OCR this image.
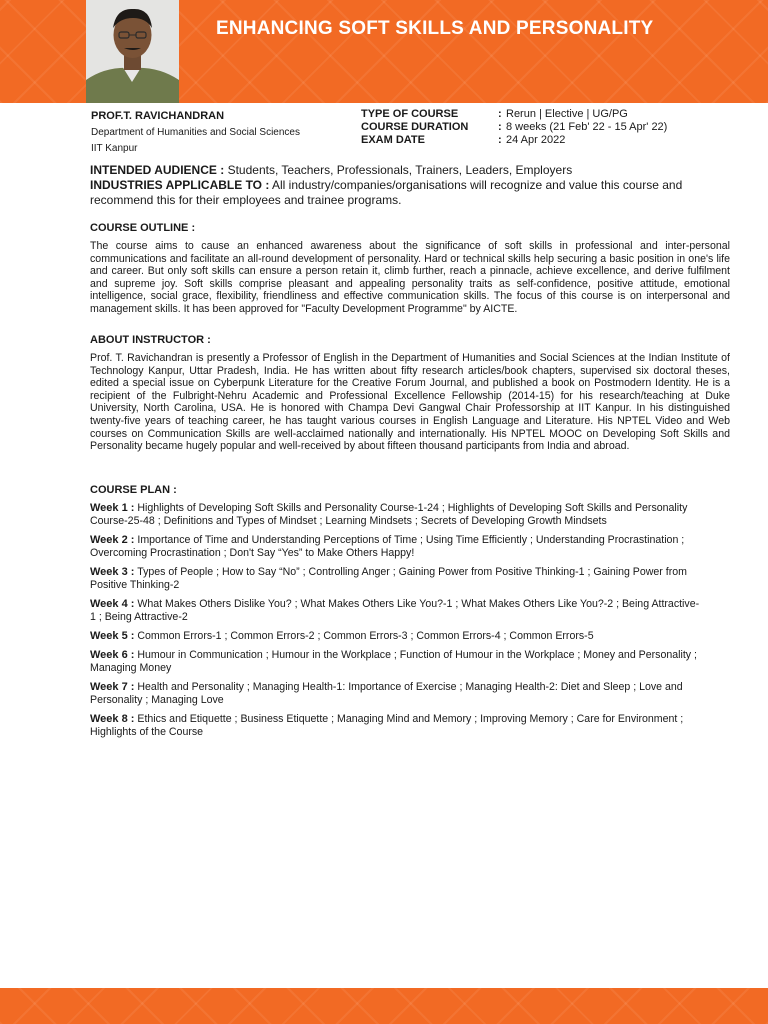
ENHANCING SOFT SKILLS AND PERSONALITY
PROF.T. RAVICHANDRAN
Department of Humanities and Social Sciences
IIT Kanpur
TYPE OF COURSE	: Rerun | Elective | UG/PG
COURSE DURATION	: 8 weeks (21 Feb' 22 - 15 Apr' 22)
EXAM DATE	: 24 Apr 2022
INTENDED AUDIENCE : Students, Teachers, Professionals, Trainers, Leaders, Employers
INDUSTRIES APPLICABLE TO : All industry/companies/organisations will recognize and value this course and recommend this for their employees and trainee programs.
COURSE OUTLINE :

The course aims to cause an enhanced awareness about the significance of soft skills in professional and inter-personal communications and facilitate an all-round development of personality. Hard or technical skills help securing a basic position in one's life and career. But only soft skills can ensure a person retain it, climb further, reach a pinnacle, achieve excellence, and derive fulfilment and supreme joy. Soft skills comprise pleasant and appealing personality traits as self-confidence, positive attitude, emotional intelligence, social grace, flexibility, friendliness and effective communication skills. The focus of this course is on interpersonal and management skills. It has been approved for "Faculty Development Programme" by AICTE.

ABOUT INSTRUCTOR :

Prof. T. Ravichandran is presently a Professor of English in the Department of Humanities and Social Sciences at the Indian Institute of Technology Kanpur, Uttar Pradesh, India. He has written about fifty research articles/book chapters, supervised six doctoral theses, edited a special issue on Cyberpunk Literature for the Creative Forum Journal, and published a book on Postmodern Identity. He is a recipient of the Fulbright-Nehru Academic and Professional Excellence Fellowship (2014-15) for his research/teaching at Duke University, North Carolina, USA. He is honored with Champa Devi Gangwal Chair Professorship at IIT Kanpur. In his distinguished twenty-five years of teaching career, he has taught various courses in English Language and Literature. His NPTEL Video and Web courses on Communication Skills are well-acclaimed nationally and internationally. His NPTEL MOOC on Developing Soft Skills and Personality became hugely popular and well-received by about fifteen thousand participants from India and abroad.

COURSE PLAN :
Week 1 : Highlights of Developing Soft Skills and Personality Course-1-24 ; Highlights of Developing Soft Skills and Personality Course-25-48 ; Definitions and Types of Mindset ; Learning Mindsets ; Secrets of Developing Growth Mindsets
Week 2 : Importance of Time and Understanding Perceptions of Time ; Using Time Efficiently ; Understanding Procrastination ; Overcoming Procrastination ; Don't Say “Yes” to Make Others Happy!
Week 3 : Types of People ; How to Say “No” ; Controlling Anger ; Gaining Power from Positive Thinking-1 ; Gaining Power from Positive Thinking-2
Week 4 : What Makes Others Dislike You? ; What Makes Others Like You?-1 ; What Makes Others Like You?-2 ; Being Attractive-1 ; Being Attractive-2
Week 5 : Common Errors-1 ; Common Errors-2 ; Common Errors-3 ; Common Errors-4 ; Common Errors-5
Week 6 : Humour in Communication ; Humour in the Workplace ; Function of Humour in the Workplace ; Money and Personality ; Managing Money
Week 7 : Health and Personality ; Managing Health-1: Importance of Exercise ; Managing Health-2: Diet and Sleep ; Love and Personality ; Managing Love
Week 8 : Ethics and Etiquette ; Business Etiquette ; Managing Mind and Memory ; Improving Memory ; Care for Environment ; Highlights of the Course
